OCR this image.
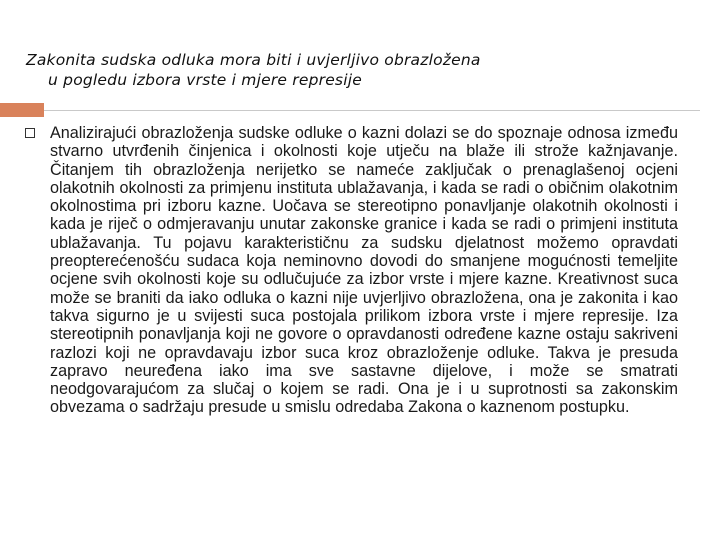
Zakonita sudska odluka mora biti i uvjerljivo obrazložena
u pogledu izbora vrste i mjere represije
Analizirajući obrazloženja sudske odluke o kazni dolazi se do spoznaje odnosa između stvarno utvrđenih činjenica i okolnosti koje utječu na blaže ili strože kažnjavanje. Čitanjem tih obrazloženja nerijetko se nameće zaključak o prenaglašenoj ocjeni olakotnih okolnosti za primjenu instituta ublažavanja, i kada se radi o običnim olakotnim okolnostima pri izboru kazne. Uočava se stereotipno ponavljanje olakotnih okolnosti i kada je riječ o odmjeravanju unutar zakonske granice i kada se radi o primjeni instituta ublažavanja. Tu pojavu karakterističnu za sudsku djelatnost možemo opravdati preopterećenošću sudaca koja neminovno dovodi do smanjene mogućnosti temeljite ocjene svih okolnosti koje su odlučujuće za izbor vrste i mjere kazne. Kreativnost suca može se braniti da iako odluka o kazni nije uvjerljivo obrazložena, ona je zakonita i kao takva sigurno je u svijesti suca postojala prilikom izbora vrste i mjere represije. Iza stereotipnih ponavljanja koji ne govore o opravdanosti određene kazne ostaju sakriveni razlozi koji ne opravdavaju izbor suca kroz obrazloženje odluke. Takva je presuda zapravo neuređena iako ima sve sastavne dijelove, i može se smatrati neodgovarajućom za slučaj o kojem se radi. Ona je i u suprotnosti sa zakonskim obvezama o sadržaju presude u smislu odredaba Zakona o kaznenom postupku.
